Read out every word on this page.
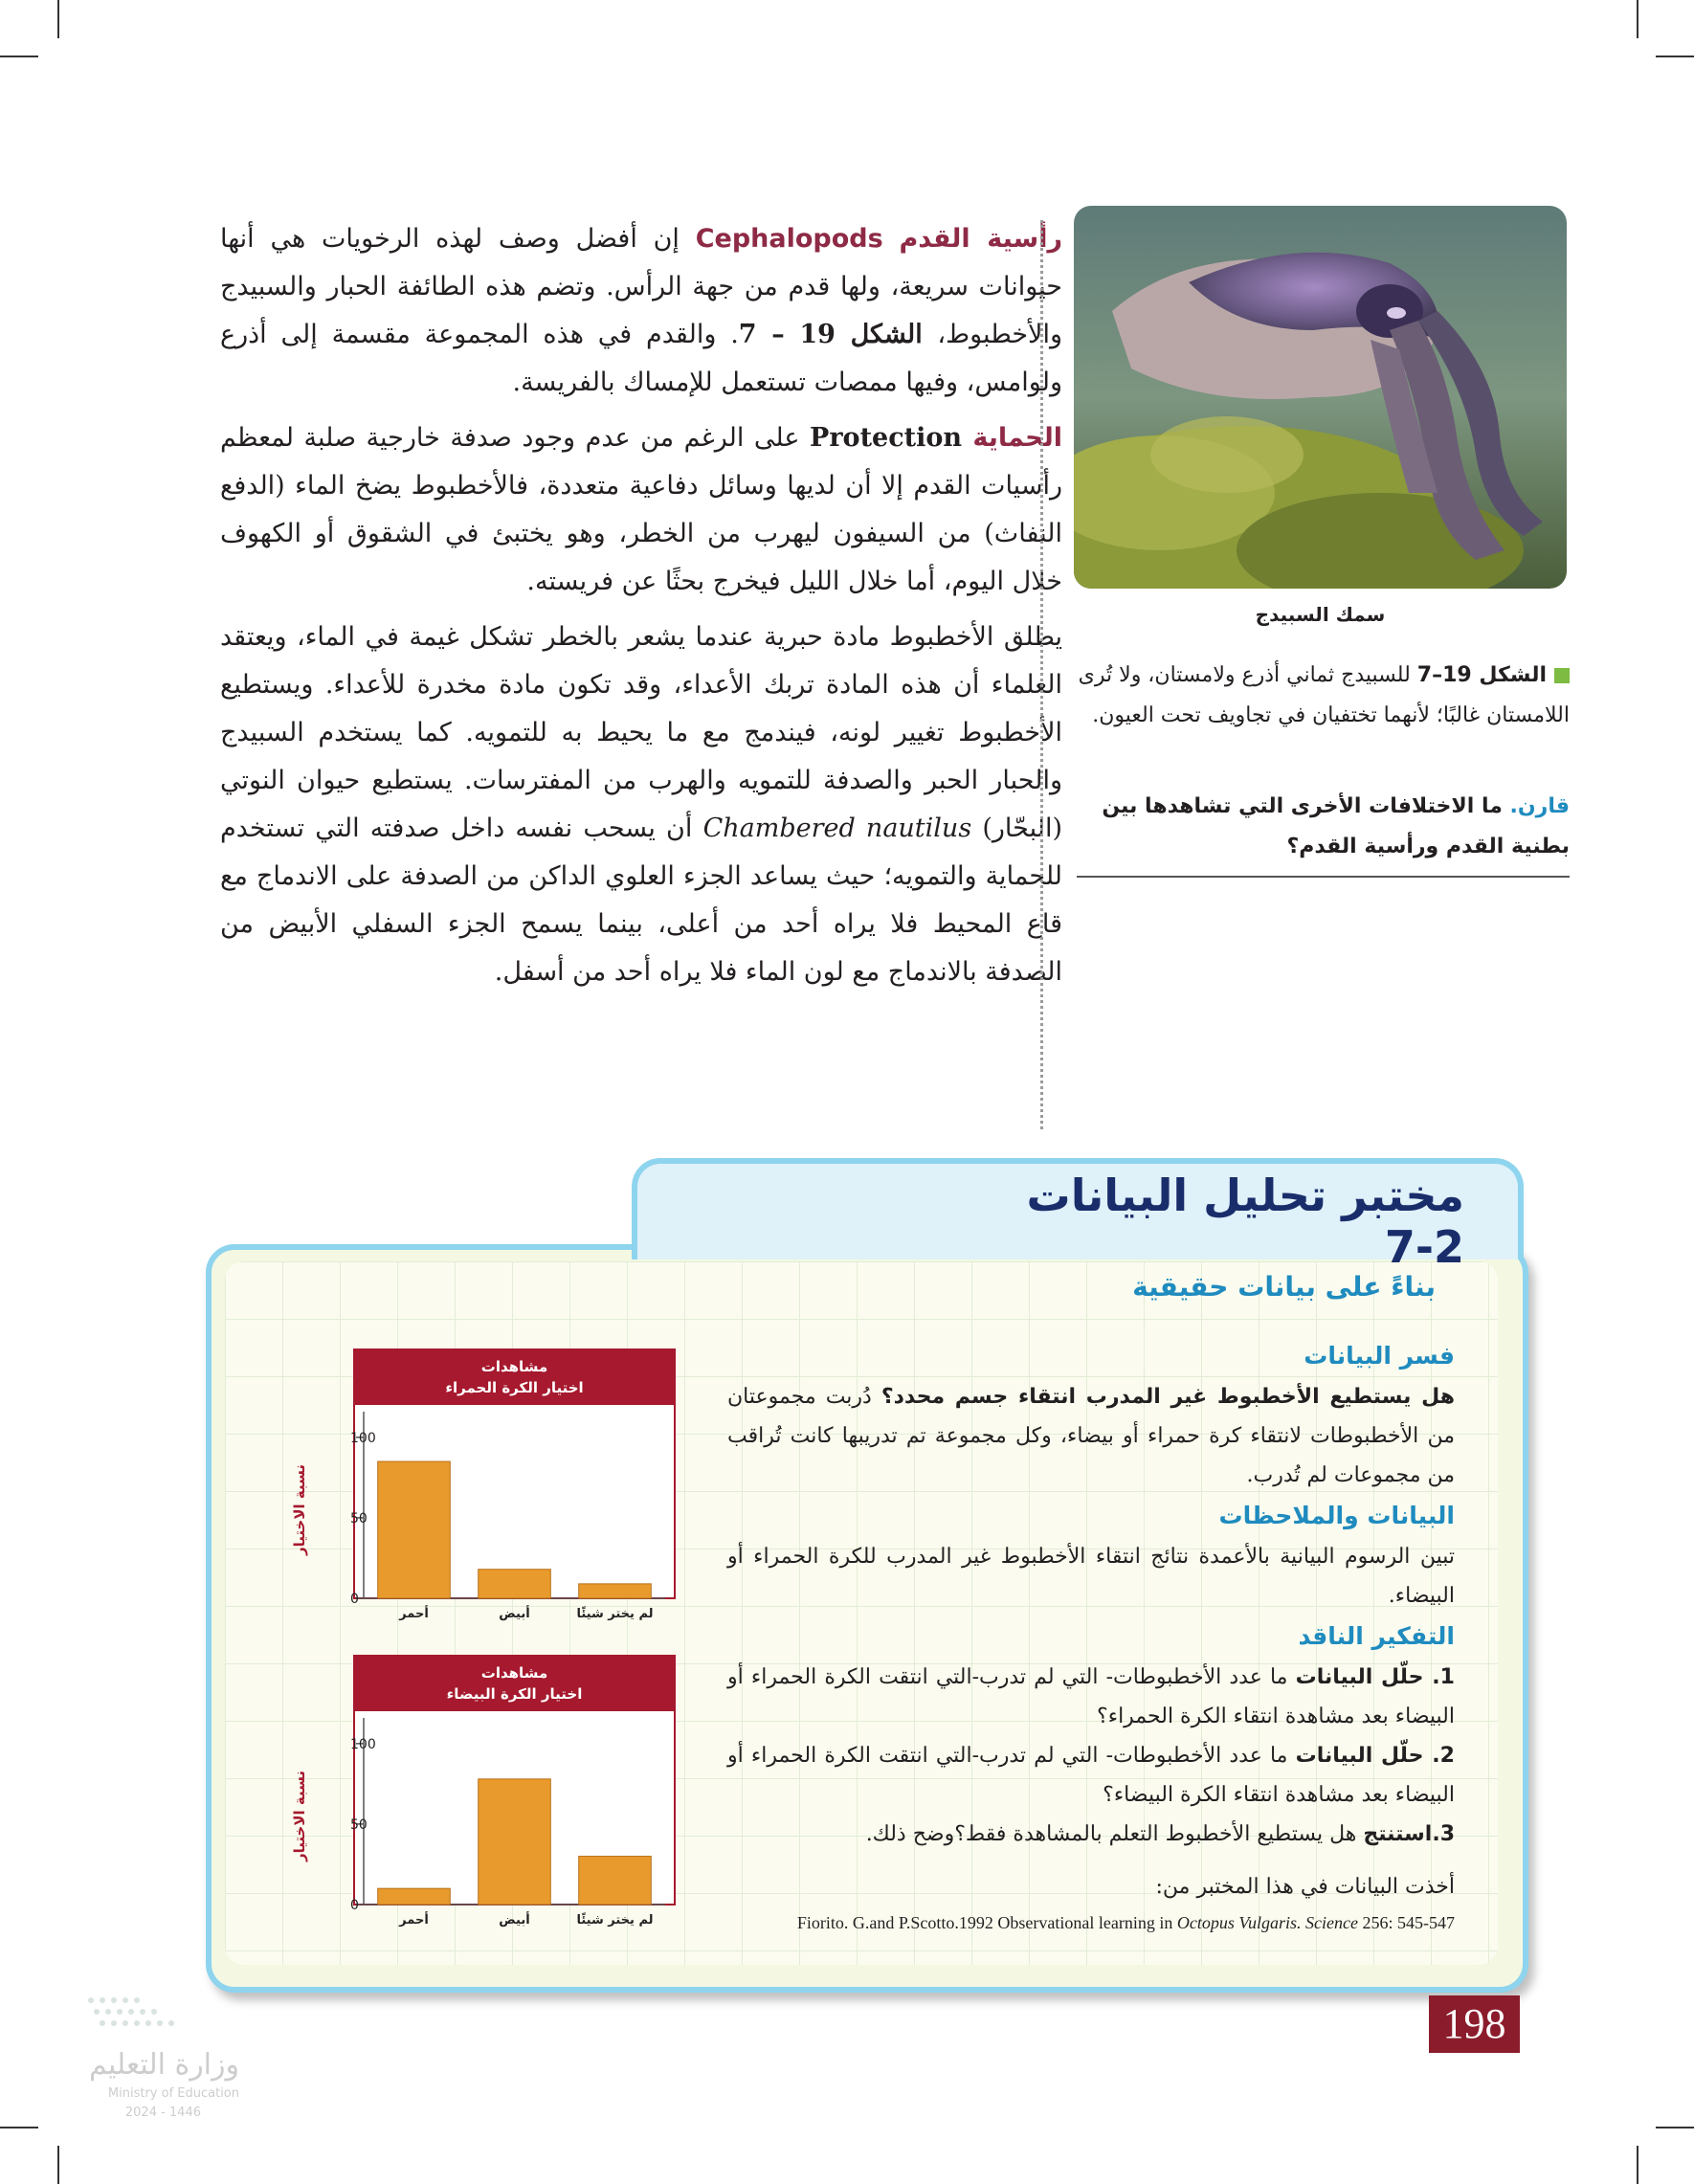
رأسية القدم Cephalopods إن أفضل وصف لهذه الرخويات هي أنها حيوانات سريعة، ولها قدم من جهة الرأس. وتضم هذه الطائفة الحبار والسبيدج والأخطبوط، الشكل 19 – 7. والقدم في هذه المجموعة مقسمة إلى أذرع ولوامس، وفيها ممصات تستعمل للإمساك بالفريسة.

الحماية Protection على الرغم من عدم وجود صدفة خارجية صلبة لمعظم رأسيات القدم إلا أن لديها وسائل دفاعية متعددة، فالأخطبوط يضخ الماء (الدفع النفاث) من السيفون ليهرب من الخطر، وهو يختبئ في الشقوق أو الكهوف خلال اليوم، أما خلال الليل فيخرج بحثًا عن فريسته.

يطلق الأخطبوط مادة حبرية عندما يشعر بالخطر تشكل غيمة في الماء، ويعتقد العلماء أن هذه المادة تربك الأعداء، وقد تكون مادة مخدرة للأعداء. ويستطيع الأخطبوط تغيير لونه، فيندمج مع ما يحيط به للتمويه. كما يستخدم السبيدج والحبار الحبر والصدفة للتمويه والهرب من المفترسات. يستطيع حيوان النوتي (البحّار) Chambered nautilus أن يسحب نفسه داخل صدفته التي تستخدم للحماية والتمويه؛ حيث يساعد الجزء العلوي الداكن من الصدفة على الاندماج مع قاع المحيط فلا يراه أحد من أعلى، بينما يسمح الجزء السفلي الأبيض من الصدفة بالاندماج مع لون الماء فلا يراه أحد من أسفل.

سمك السبيدج
الشكل 19–7 للسبيدج ثماني أذرع ولامستان، ولا تُرى اللامستان غالبًا؛ لأنهما تختفيان في تجاويف تحت العيون.
قارن. ما الاختلافات الأخرى التي تشاهدها بين بطنية القدم ورأسية القدم؟
مختبر تحليل البيانات 2-7
بناءً على بيانات حقيقية
فسر البيانات

هل يستطيع الأخطبوط غير المدرب انتقاء جسم محدد؟ دُربت مجموعتان من الأخطبوطات لانتقاء كرة حمراء أو بيضاء، وكل مجموعة تم تدريبها كانت تُراقب من مجموعات لم تُدرب.

البيانات والملاحظات

تبين الرسوم البيانية بالأعمدة نتائج انتقاء الأخطبوط غير المدرب للكرة الحمراء أو البيضاء.

التفكير الناقد
1. حلّل البيانات ما عدد الأخطبوطات- التي لم تدرب-التي انتقت الكرة الحمراء أو البيضاء بعد مشاهدة انتقاء الكرة الحمراء؟
2. حلّل البيانات ما عدد الأخطبوطات- التي لم تدرب-التي انتقت الكرة الحمراء أو البيضاء بعد مشاهدة انتقاء الكرة البيضاء؟
3.استنتج هل يستطيع الأخطبوط التعلم بالمشاهدة فقط؟وضح ذلك.

أخذت البيانات في هذا المختبر من:

Fiorito. G.and P.Scotto.1992 Observational learning in Octopus Vulgaris. Science 256: 545-547

مشاهدات
اختيار الكرة الحمراء
0
50
100
نسبة الاختيار
أحمر	أبيض	لم يختر شيئًا
مشاهدات
اختيار الكرة البيضاء
0
50
100
نسبة الاختيار
أحمر	أبيض	لم يختر شيئًا
198
وزارة التعليم
Ministry of Education
2024 - 1446
